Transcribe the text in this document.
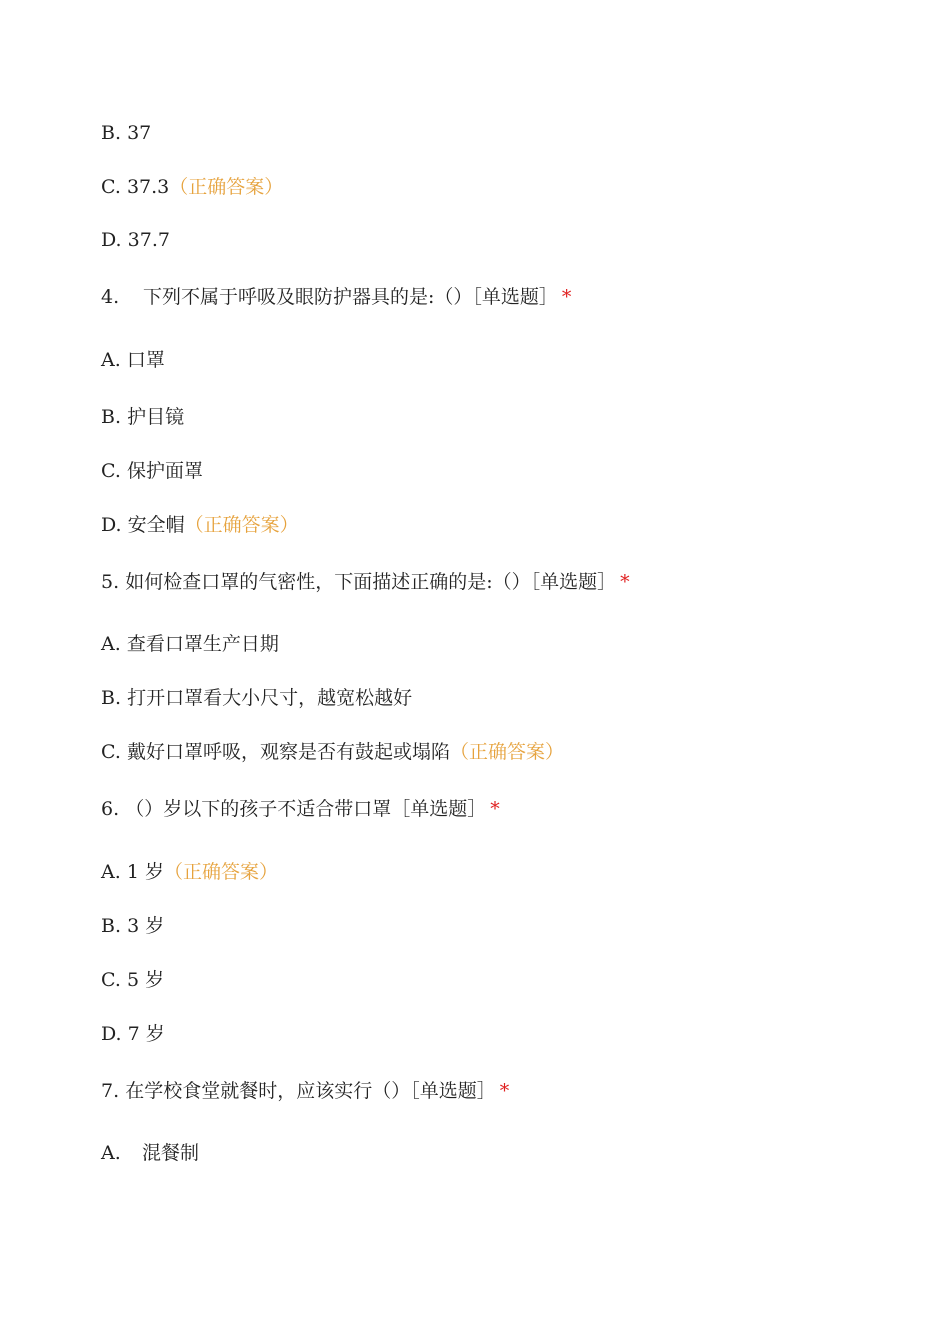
B. 37
C. 37.3（正确答案）
D. 37.7
4. 下列不属于呼吸及眼防护器具的是:（）［单选题］ *
A. 口罩
B. 护目镜
C. 保护面罩
D. 安全帽（正确答案）
5. 如何检查口罩的气密性，下面描述正确的是:（）［单选题］ *
A. 查看口罩生产日期
B. 打开口罩看大小尺寸，越宽松越好
C. 戴好口罩呼吸，观察是否有鼓起或塌陷（正确答案）
6. （）岁以下的孩子不适合带口罩［单选题］ *
A. 1 岁（正确答案）
B. 3 岁
C. 5 岁
D. 7 岁
7. 在学校食堂就餐时，应该实行（）［单选题］ *
A. 混餐制
